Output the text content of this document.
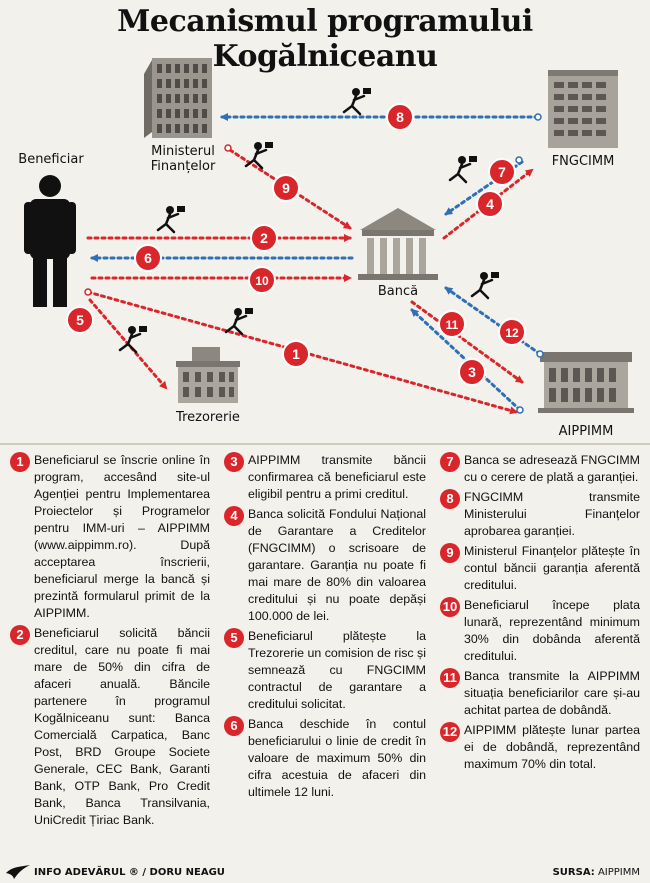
Mecanismul programului Kogălniceanu
8
9
7
4
2
6
10
5	11
12
1
3
Beneficiar
Ministerul
Finanțelor	FNGCIMM
Bancă
Trezorerie
AIPPIMM
1 Beneficiarul se înscrie online în program, accesând site-ul Agenției pentru Implementarea Proiectelor și Programelor pentru IMM-uri – AIPPIMM (www.aippimm.ro). După acceptarea înscrierii, beneficiarul merge la bancă și prezintă formularul primit de la AIPPIMM.
2 Beneficiarul solicită băncii creditul, care nu poate fi mai mare de 50% din cifra de afaceri anuală. Băncile partenere în programul Kogălniceanu sunt: Banca Comercială Carpatica, Banc Post, BRD Groupe Societe Generale, CEC Bank, Garanti Bank, OTP Bank, Pro Credit Bank, Banca Transilvania, UniCredit Țiriac Bank.
3 AIPPIMM transmite băncii confirmarea că beneficiarul este eligibil pentru a primi creditul.
4 Banca solicită Fondului Național de Garantare a Creditelor (FNGCIMM) o scrisoare de garantare. Garanția nu poate fi mai mare de 80% din valoarea creditului și nu poate depăși 100.000 de lei.
5 Beneficiarul plătește la Trezorerie un comision de risc și semnează cu FNGCIMM contractul de garantare a creditului solicitat.
6 Banca deschide în contul beneficiarului o linie de credit în valoare de maximum 50% din cifra acestuia de afaceri din ultimele 12 luni.
7 Banca se adresează FNGCIMM cu o cerere de plată a garanției.
8 FNGCIMM transmite Ministerului Finanțelor aprobarea garanției.
9 Ministerul Finanțelor plătește în contul băncii garanția aferentă creditului.
10 Beneficiarul începe plata lunară, reprezentând minimum 30% din dobânda aferentă creditului.
11 Banca transmite la AIPPIMM situația beneficiarilor care și-au achitat partea de dobândă.
12 AIPPIMM plătește lunar partea ei de dobândă, reprezentând maximum 70% din total.
INFO ADEVĂRUL ® / DORU NEAGU	SURSA: AIPPIMM
